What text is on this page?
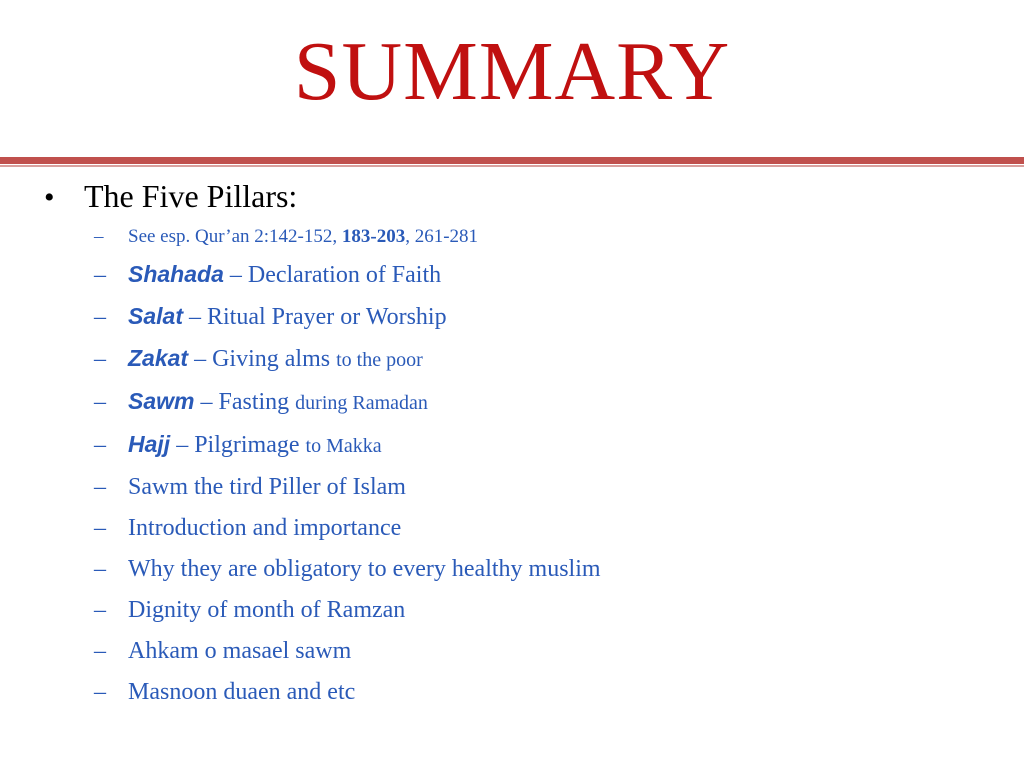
SUMMARY
• The Five Pillars:
–	See esp. Qur’an 2:142-152, 183-203, 261-281
– Shahada – Declaration of Faith
– Salat – Ritual Prayer or Worship
– Zakat – Giving alms to the poor
– Sawm – Fasting during Ramadan
– Hajj – Pilgrimage to Makka
– Sawm the tird Piller of Islam
– Introduction and importance
– Why they are obligatory to every healthy muslim
– Dignity of month of Ramzan
– Ahkam o masael sawm
– Masnoon duaen and etc
